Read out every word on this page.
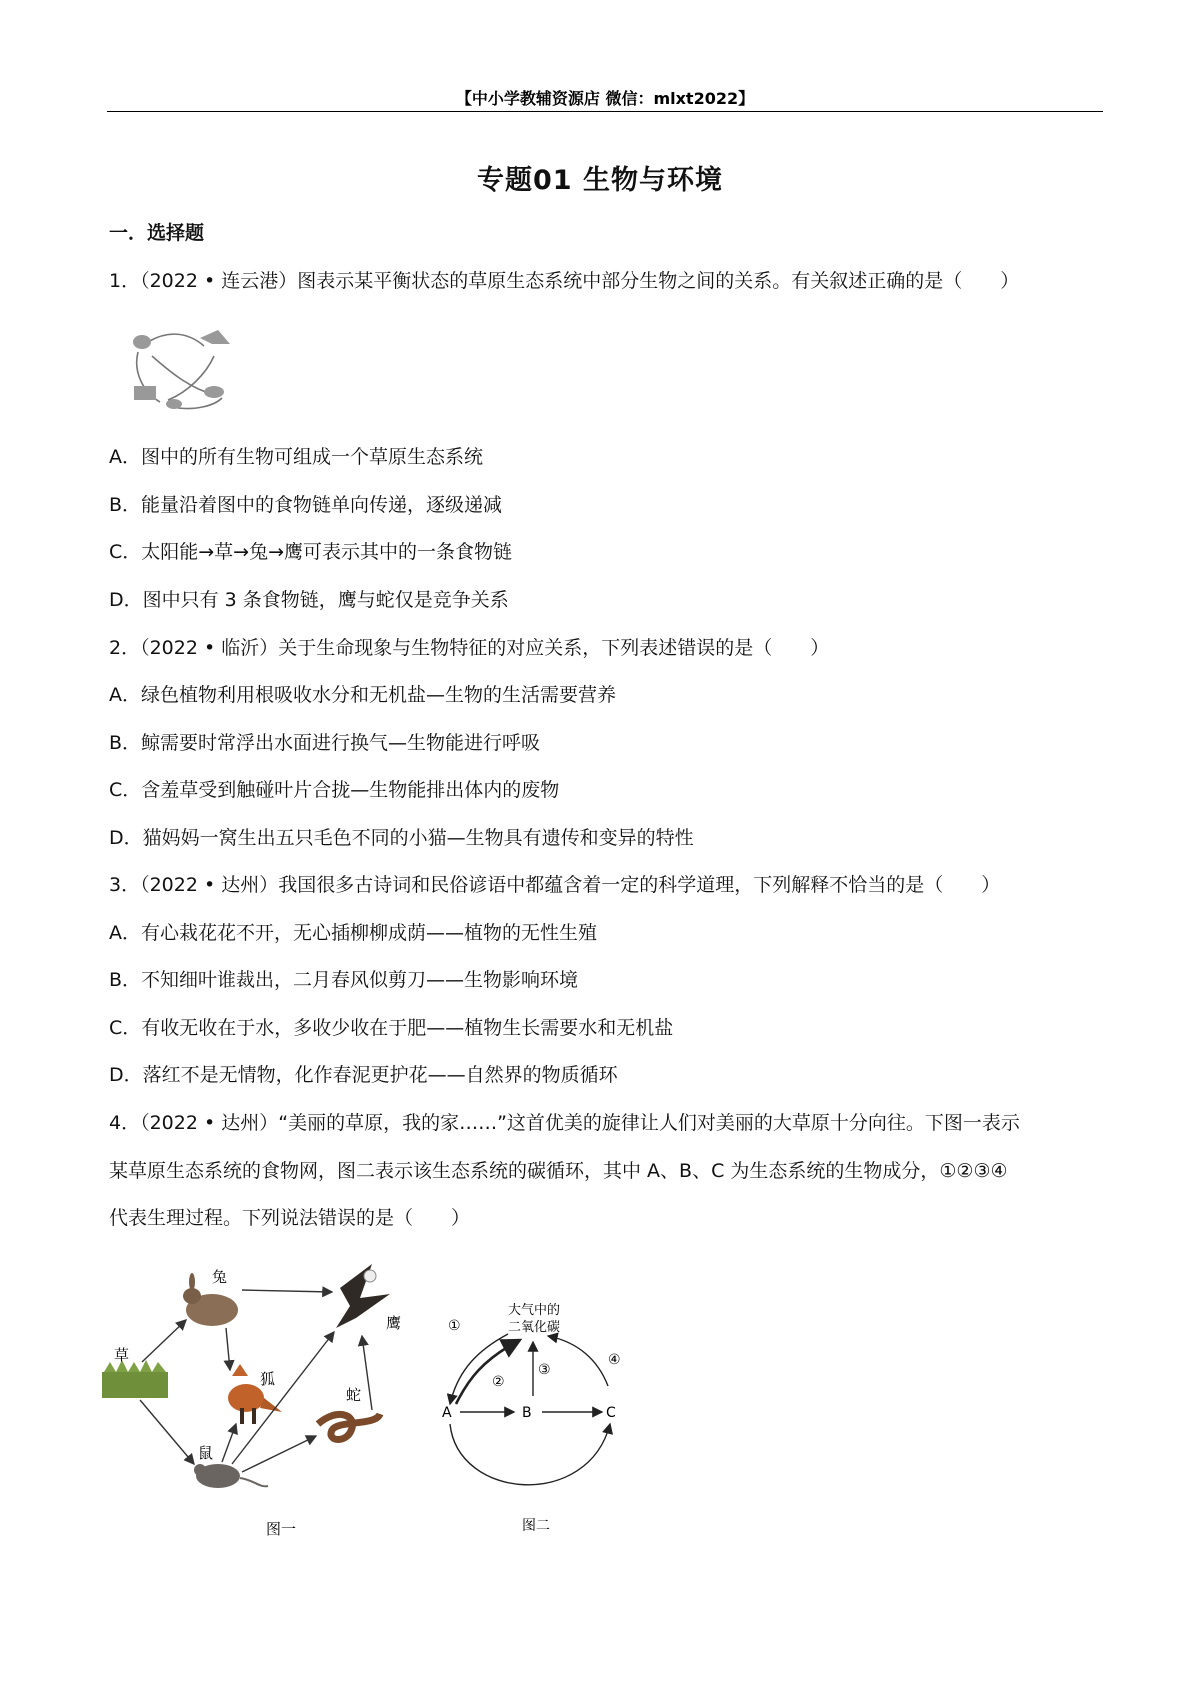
【中小学教辅资源店 微信：mlxt2022】
专题01 生物与环境
一．选择题
1．（2022 • 连云港）图表示某平衡状态的草原生态系统中部分生物之间的关系。有关叙述正确的是（　　）
A．图中的所有生物可组成一个草原生态系统
B．能量沿着图中的食物链单向传递，逐级递减
C．太阳能→草→兔→鹰可表示其中的一条食物链
D．图中只有 3 条食物链，鹰与蛇仅是竞争关系
2．（2022 • 临沂）关于生命现象与生物特征的对应关系，下列表述错误的是（　　）
A．绿色植物利用根吸收水分和无机盐—生物的生活需要营养
B．鲸需要时常浮出水面进行换气—生物能进行呼吸
C．含羞草受到触碰叶片合拢—生物能排出体内的废物
D．猫妈妈一窝生出五只毛色不同的小猫—生物具有遗传和变异的特性
3．（2022 • 达州）我国很多古诗词和民俗谚语中都蕴含着一定的科学道理，下列解释不恰当的是（　　）
A．有心栽花花不开，无心插柳柳成荫——植物的无性生殖
B．不知细叶谁裁出，二月春风似剪刀——生物影响环境
C．有收无收在于水，多收少收在于肥——植物生长需要水和无机盐
D．落红不是无情物，化作春泥更护花——自然界的物质循环
4．（2022 • 达州）“美丽的草原，我的家……”这首优美的旋律让人们对美丽的大草原十分向往。下图一表示
某草原生态系统的食物网，图二表示该生态系统的碳循环，其中 A、B、C 为生态系统的生物成分，①②③④
代表生理过程。下列说法错误的是（　　）
兔
鹰
草
狐
蛇
鼠
图一
大气中的
二氧化碳
①
②
③
④
A	B	C
图二
